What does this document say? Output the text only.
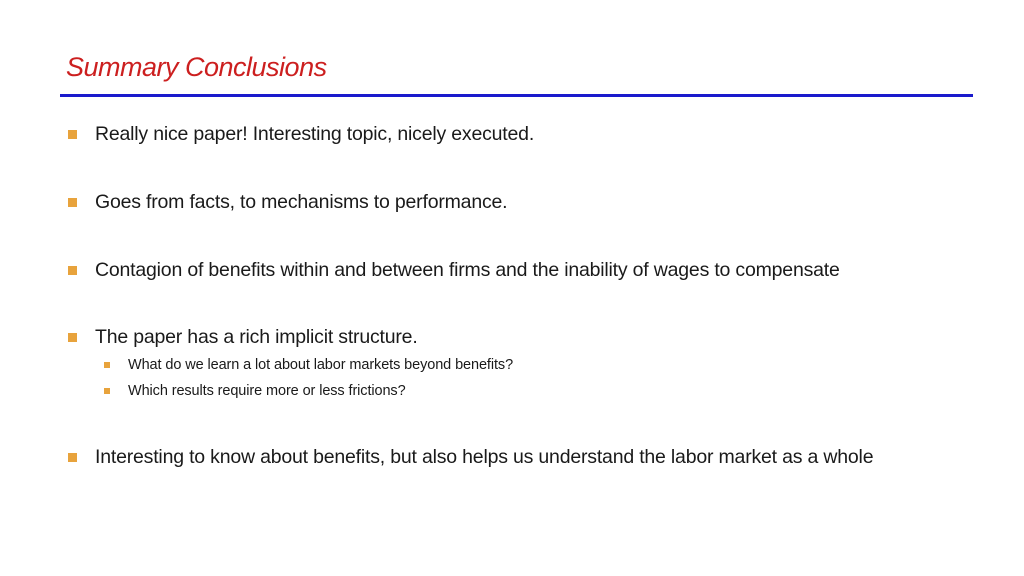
Summary Conclusions
Really nice paper! Interesting topic, nicely executed.
Goes from facts, to mechanisms to performance.
Contagion of benefits within and between firms and the inability of wages to compensate
The paper has a rich implicit structure.
What do we learn a lot about labor markets beyond benefits?
Which results require more or less frictions?
Interesting to know about benefits, but also helps us understand the labor market as a whole
